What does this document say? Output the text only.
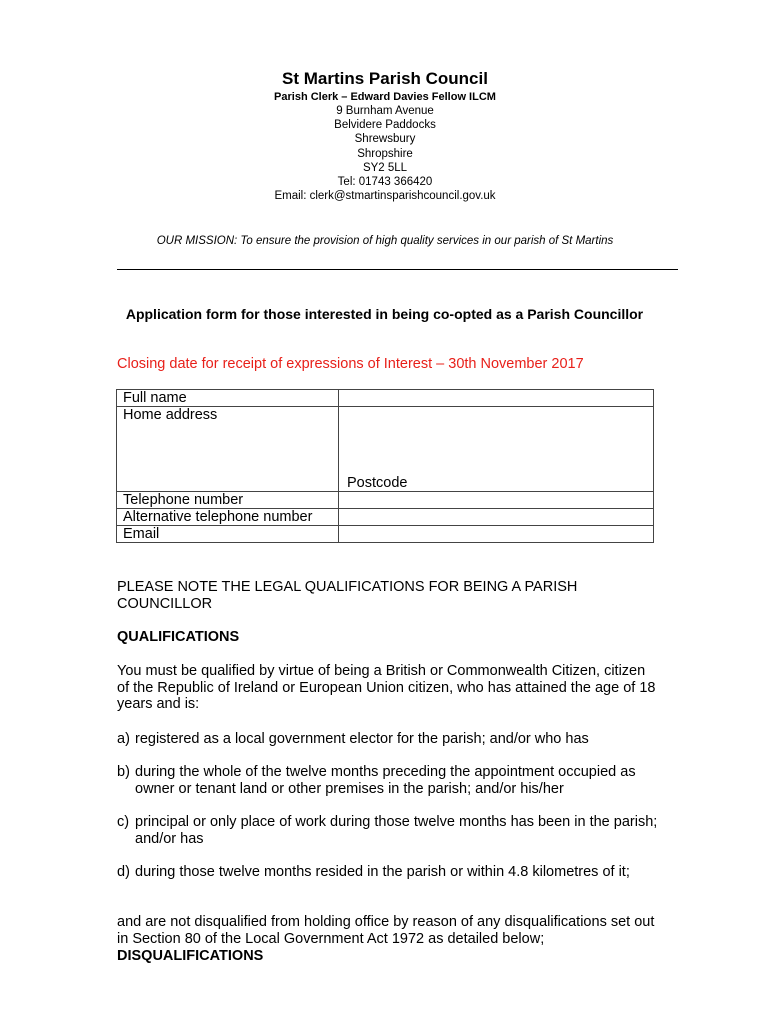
St Martins Parish Council
Parish Clerk – Edward Davies Fellow ILCM
9 Burnham Avenue
Belvidere Paddocks
Shrewsbury
Shropshire
SY2 5LL
Tel: 01743 366420
Email: clerk@stmartinsparishcouncil.gov.uk
OUR MISSION: To ensure the provision of high quality services in our parish of St Martins
Application form for those interested in being co-opted as a Parish Councillor
Closing date for receipt of expressions of Interest – 30th November 2017
Full name	
Home address	Postcode

Telephone number	
Alternative telephone number	
Email	
PLEASE NOTE THE LEGAL QUALIFICATIONS FOR BEING A PARISH COUNCILLOR
QUALIFICATIONS
You must be qualified by virtue of being a British or Commonwealth Citizen, citizen of the Republic of Ireland or European Union citizen, who has attained the age of 18 years and is:
a) registered as a local government elector for the parish; and/or who has
b) during the whole of the twelve months preceding the appointment occupied as owner or tenant land or other premises in the parish; and/or his/her
c) principal or only place of work during those twelve months has been in the parish; and/or has
d) during those twelve months resided in the parish or within 4.8 kilometres of it;
and are not disqualified from holding office by reason of any disqualifications set out in Section 80 of the Local Government Act 1972 as detailed below;
DISQUALIFICATIONS
